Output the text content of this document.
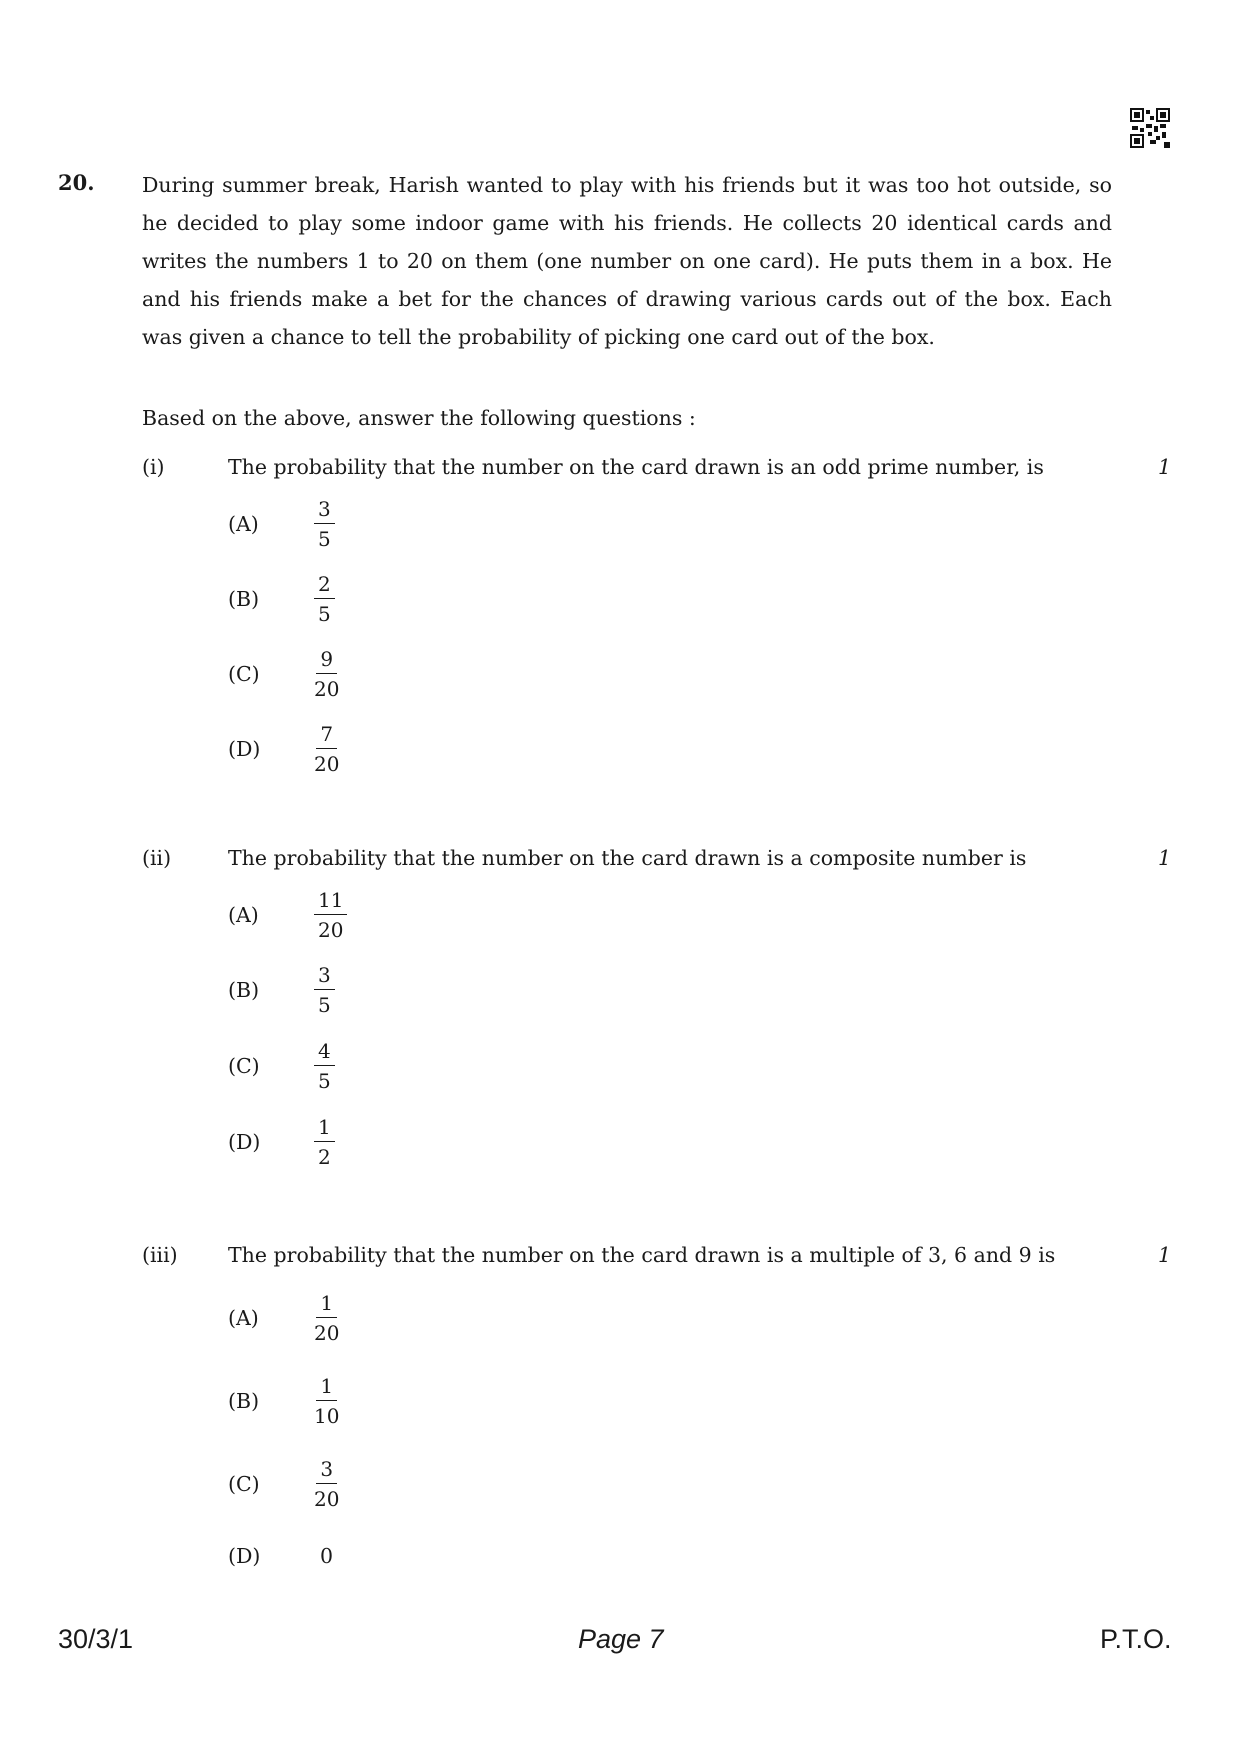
20. During summer break, Harish wanted to play with his friends but it was too hot outside, so he decided to play some indoor game with his friends. He collects 20 identical cards and writes the numbers 1 to 20 on them (one number on one card). He puts them in a box. He and his friends make a bet for the chances of drawing various cards out of the box. Each was given a chance to tell the probability of picking one card out of the box.

Based on the above, answer the following questions :
(i)	The probability that the number on the card drawn is an odd prime number, is	1
(A)	$\frac{3}{5}$
(B)	$\frac{2}{5}$
(C)	$\frac{9}{20}$
(D)	$\frac{7}{20}$
(ii)	The probability that the number on the card drawn is a composite number is	1
(A)	$\frac{11}{20}$
(B)	$\frac{3}{5}$
(C)	$\frac{4}{5}$
(D)	$\frac{1}{2}$
(iii) The probability that the number on the card drawn is a multiple of 3, 6 and 9 is	1
(A)	$\frac{1}{20}$
(B)	$\frac{1}{10}$
(C)	$\frac{3}{20}$
(D)	0
30/3/1	Page 7	P.T.O.
